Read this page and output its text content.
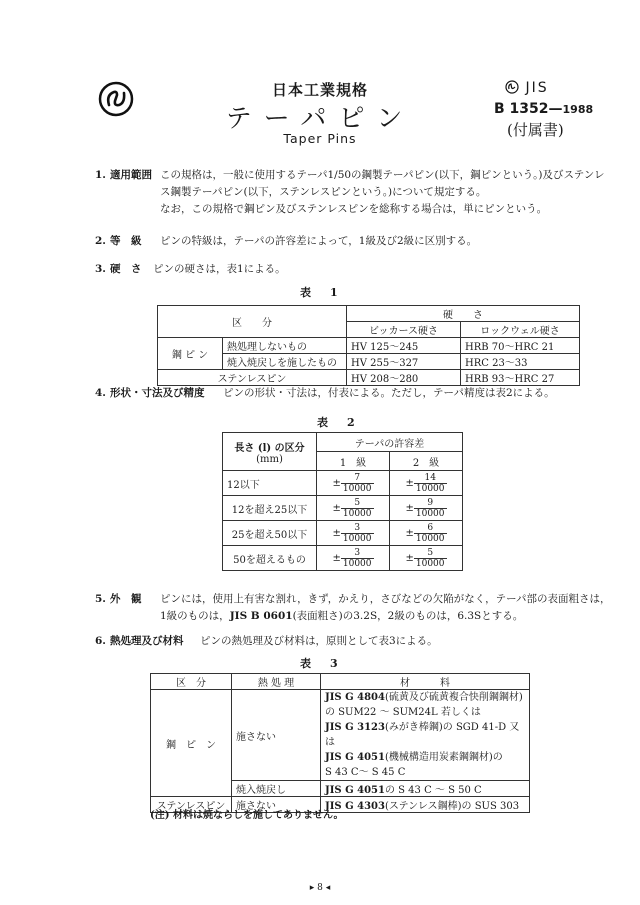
日本工業規格
テーパピン
Taper Pins
JIS
B 1352—1988
(付属書)
1. 適用範囲 この規格は，一般に使用するテーパ1/50の鋼製テーパピン(以下，鋼ピンという。)及びステンレ
ス鋼製テーパピン(以下，ステンレスピンという。)について規定する。
なお，この規格で鋼ピン及びステンレスピンを総称する場合は，単にピンという。
2. 等　級 ピンの特級は，テーパの許容差によって，1級及び2級に区別する。
3. 硬　さ ピンの硬さは，表1による。
表　1
区　　分		硬　　さ	
		ビッカース硬さ	ロックウェル硬さ
鋼 ピ ン	熱処理しないもの	HV 125～245	HRB 70～HRC 21
	焼入焼戻しを施したもの	HV 255～327	HRC 23～33
ステンレスピン		HV 208～280	HRB 93～HRC 27
4. 形状・寸法及び精度 ピンの形状・寸法は，付表による。ただし，テーパ精度は表2による。
表　2
長さ (l) の区分
(mm)	テーパの許容差	
	1　級	2　級
12以下	± $\frac{7}{10000}$	± $\frac{14}{10000}$

12を超え25以下	± $\frac{5}{10000}$	± $\frac{9}{10000}$

25を超え50以下	± $\frac{3}{10000}$	± $\frac{6}{10000}$

50を超えるもの	± $\frac{3}{10000}$	± $\frac{5}{10000}$
5. 外　観 ピンには，使用上有害な割れ，きず，かえり，さびなどの欠陥がなく，テーパ部の表面粗さは，
1級のものは，JIS B 0601(表面粗さ)の3.2S，2級のものは，6.3Sとする。
6. 熱処理及び材料 ピンの熱処理及び材料は，原則として表3による。
表　3
区　分	熱 処 理	材　　　料
鋼　ピ　ン	施さない	JIS G 4804(硫黄及び硫黄複合快削鋼鋼材)
の SUM22 ～ SUM24L 若しくは
JIS G 3123(みがき棒鋼)の SGD 41-D 又は
JIS G 4051(機械構造用炭素鋼鋼材)の
S 43 C～ S 45 C
	焼入焼戻し	JIS G 4051の S 43 C ～ S 50 C
ステンレスピン	施さない	JIS G 4303(ステンレス鋼棒)の SUS 303
(注) 材料は焼ならしを施してありません。
▸ 8 ◂
